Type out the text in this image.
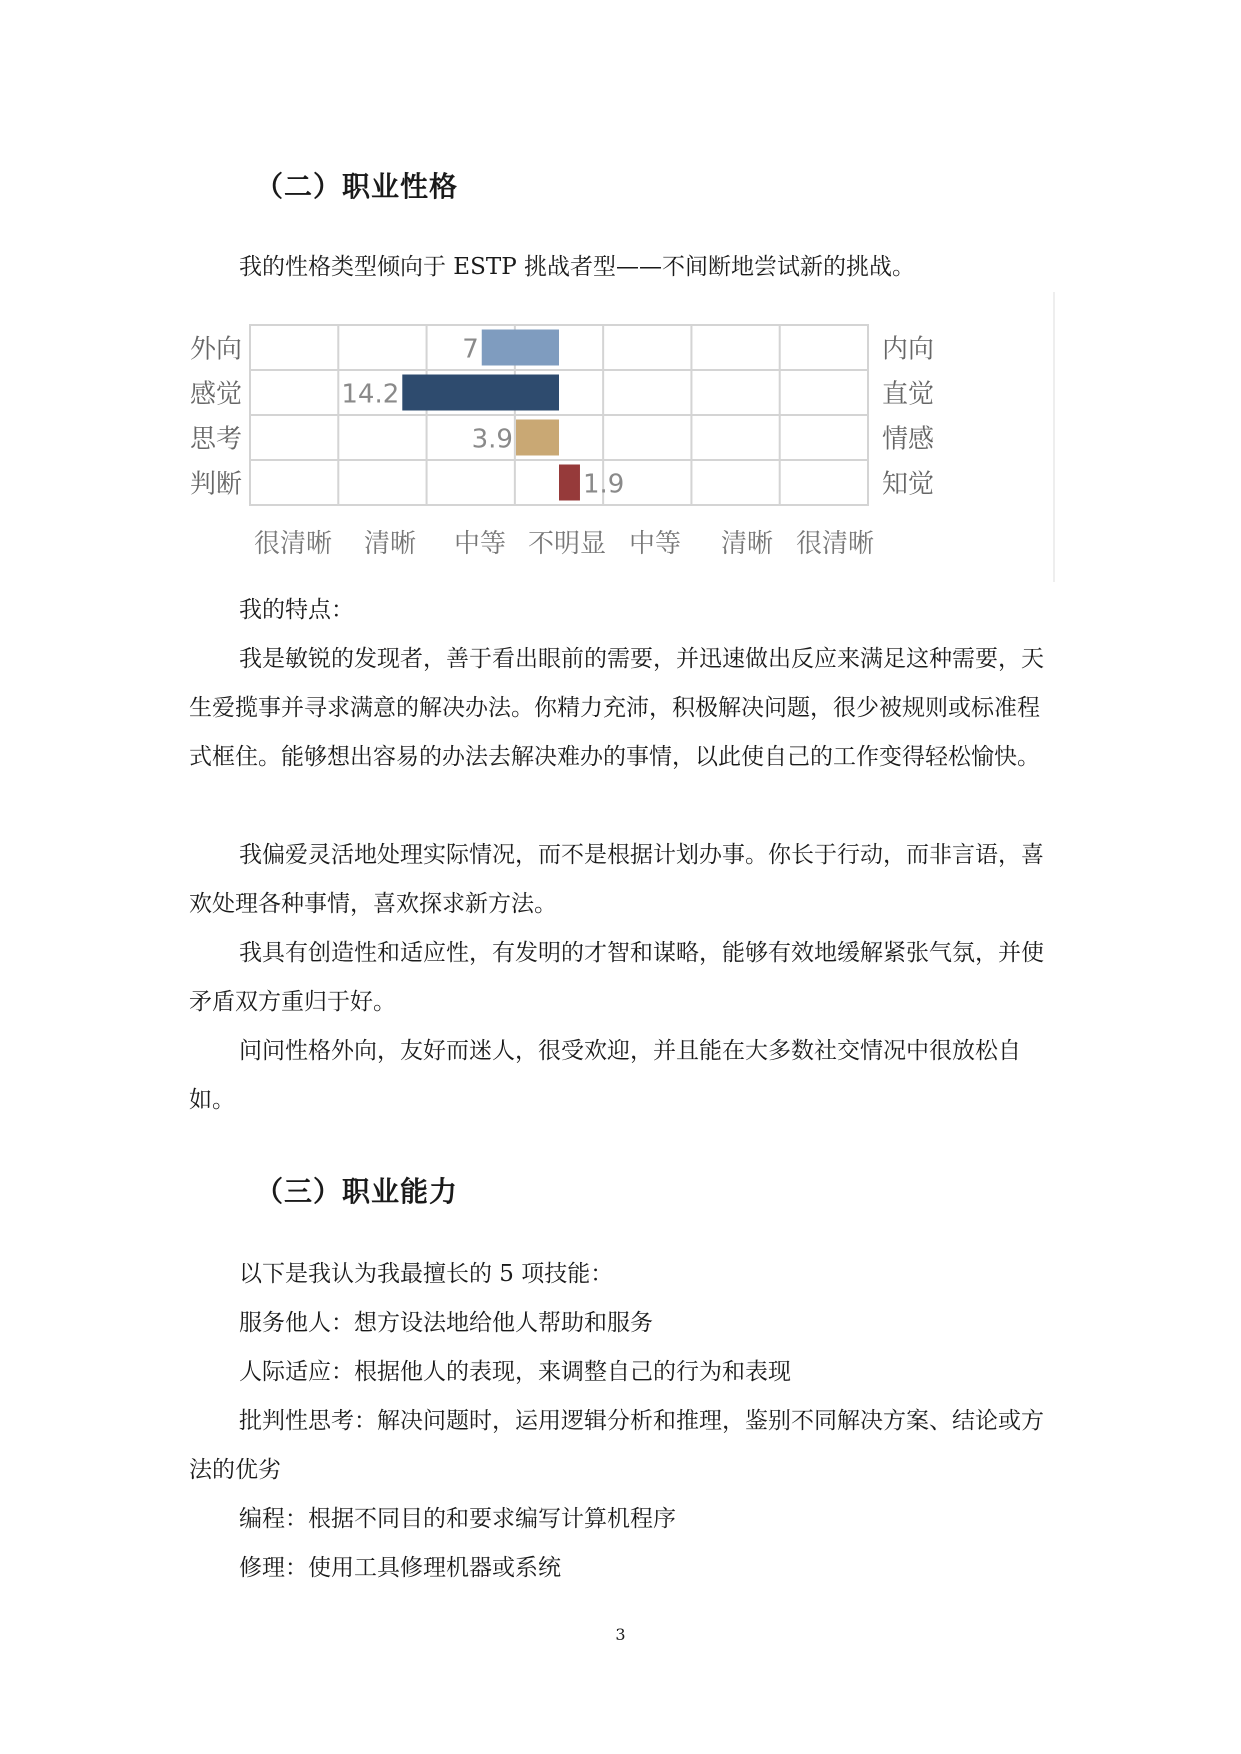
（二）职业性格

我的性格类型倾向于 ESTP 挑战者型——不间断地尝试新的挑战。

7
外向	内向
14.2
感觉	直觉
3.9
思考	情感
1.9
判断	知觉
很清晰 清晰 中等 不明显 中等 清晰 很清晰

我的特点：

我是敏锐的发现者，善于看出眼前的需要，并迅速做出反应来满足这种需要，天生爱揽事并寻求满意的解决办法。你精力充沛，积极解决问题，很少被规则或标准程式框住。能够想出容易的办法去解决难办的事情，以此使自己的工作变得轻松愉快。

我偏爱灵活地处理实际情况，而不是根据计划办事。你长于行动，而非言语，喜欢处理各种事情，喜欢探求新方法。

我具有创造性和适应性，有发明的才智和谋略，能够有效地缓解紧张气氛，并使矛盾双方重归于好。

问问性格外向，友好而迷人，很受欢迎，并且能在大多数社交情况中很放松自如。

（三）职业能力

以下是我认为我最擅长的 5 项技能：

服务他人：想方设法地给他人帮助和服务

人际适应：根据他人的表现，来调整自己的行为和表现

批判性思考：解决问题时，运用逻辑分析和推理，鉴别不同解决方案、结论或方法的优劣

编程：根据不同目的和要求编写计算机程序

修理：使用工具修理机器或系统

3
